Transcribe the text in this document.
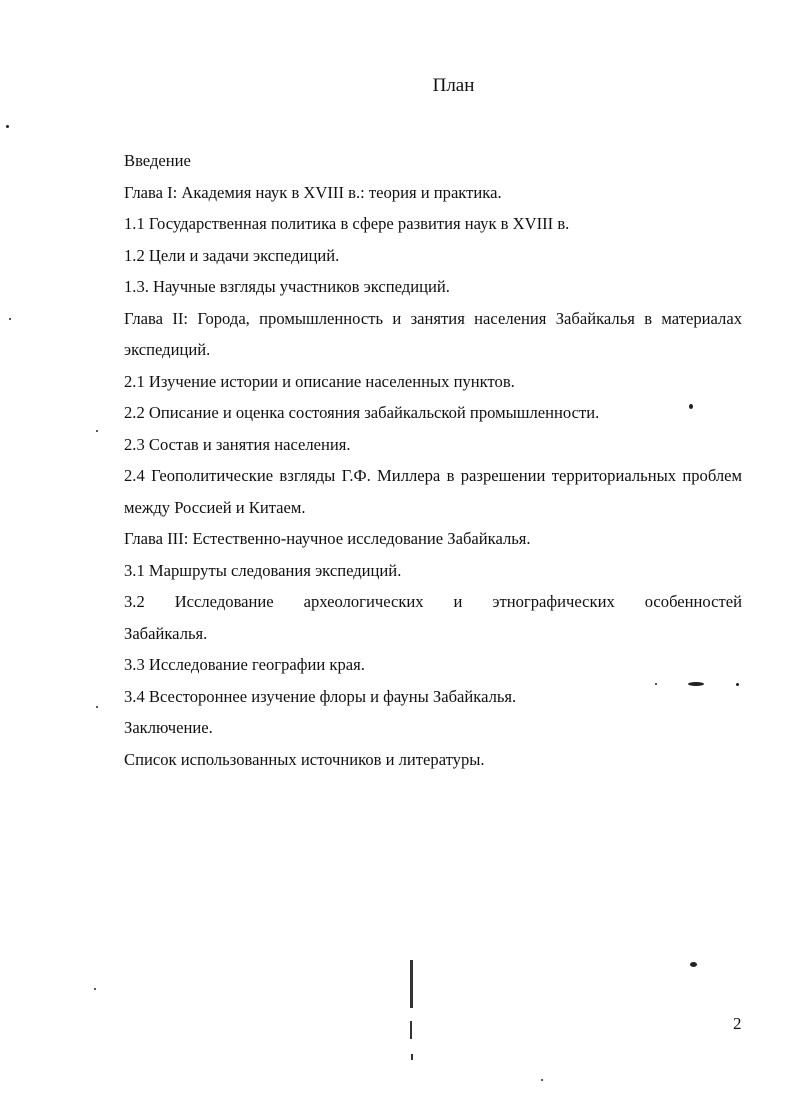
План
Введение
Глава I: Академия наук в XVIII в.: теория и практика.
1.1 Государственная политика в сфере развития наук в XVIII в.
1.2 Цели и задачи экспедиций.
1.3. Научные взгляды участников экспедиций.
Глава II: Города, промышленность и занятия населения Забайкалья в материалах экспедиций.
2.1 Изучение истории и описание населенных пунктов.
2.2 Описание и оценка состояния забайкальской промышленности.
2.3 Состав и занятия населения.
2.4 Геополитические взгляды Г.Ф. Миллера в разрешении территориальных проблем между Россией и Китаем.
Глава III: Естественно-научное исследование Забайкалья.
3.1 Маршруты следования экспедиций.
3.2 Исследование археологических и этнографических особенностей Забайкалья.
3.3 Исследование географии края.
3.4 Всестороннее изучение флоры и фауны Забайкалья.
Заключение.
Список использованных источников и литературы.
2
